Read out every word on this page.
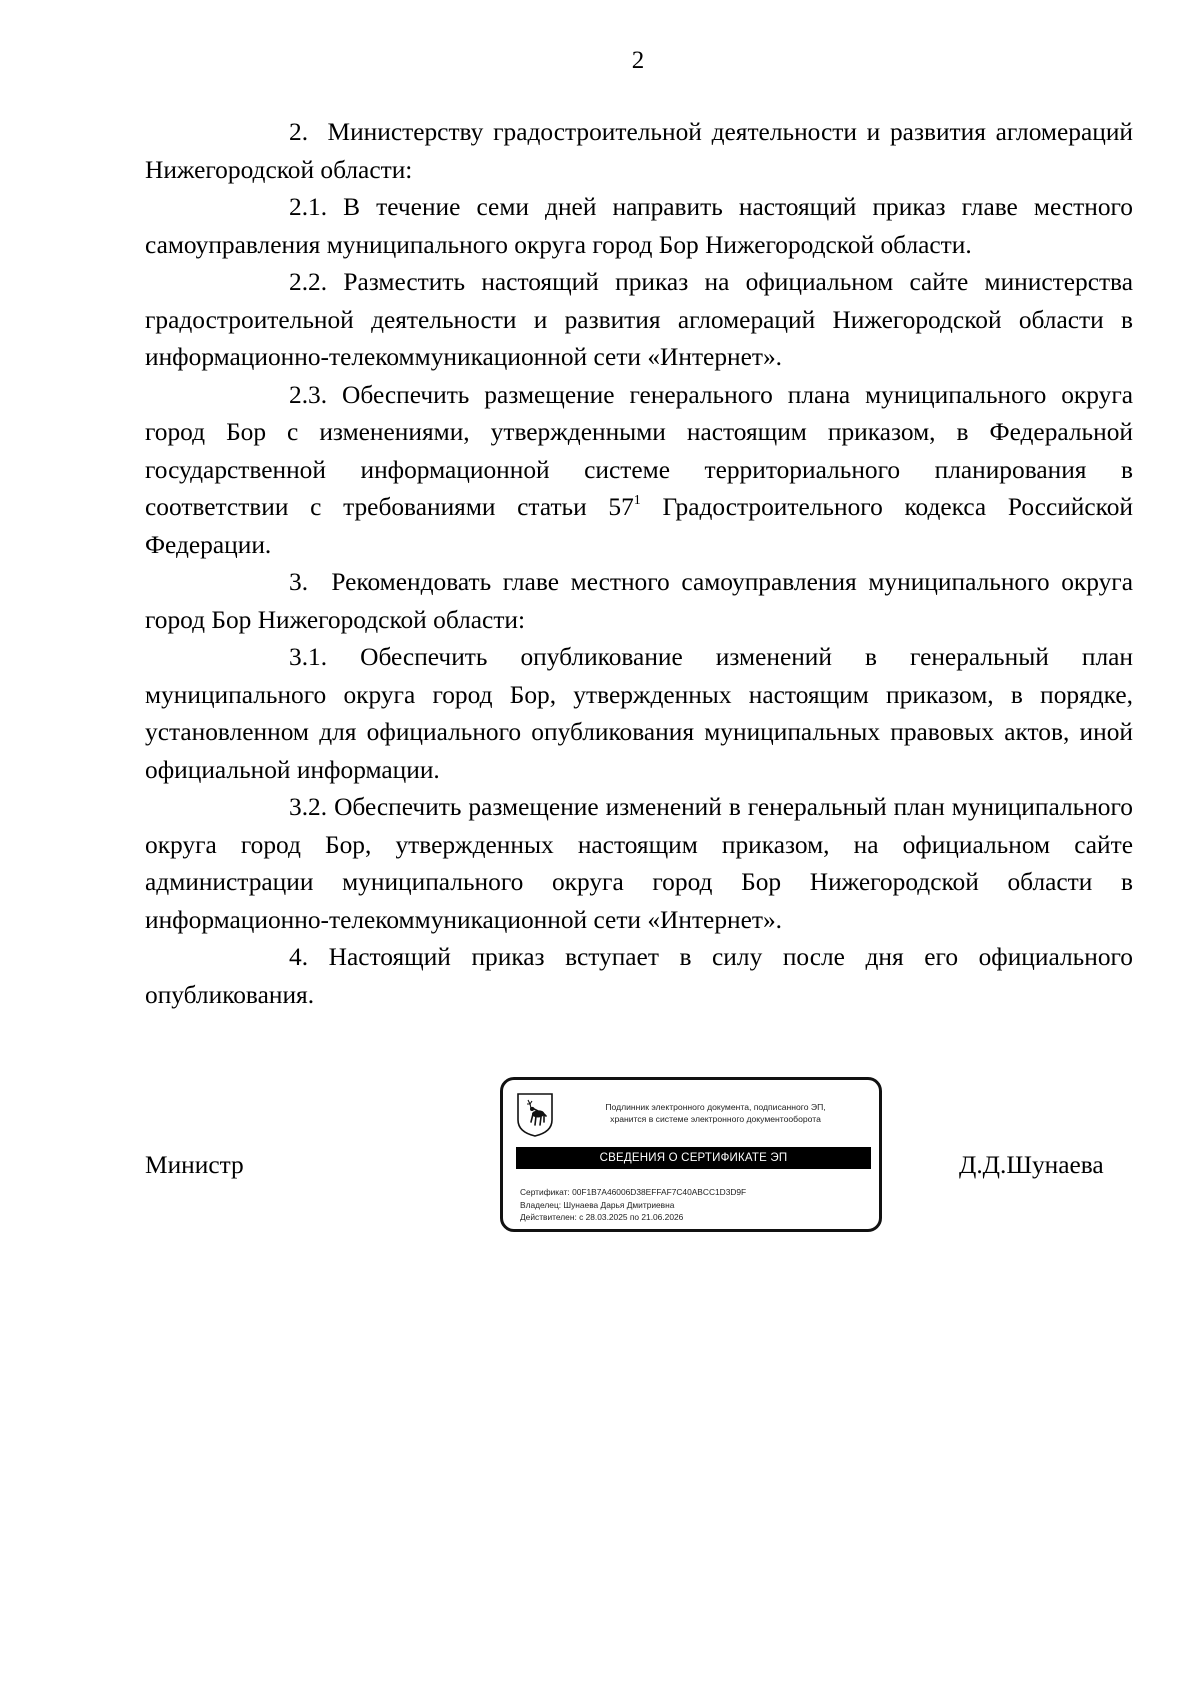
2

2. Министерству градостроительной деятельности и развития агломераций Нижегородской области:

2.1. В течение семи дней направить настоящий приказ главе местного самоуправления муниципального округа город Бор Нижегородской области.

2.2. Разместить настоящий приказ на официальном сайте министерства градостроительной деятельности и развития агломераций Нижегородской области в информационно-телекоммуникационной сети «Интернет».

2.3. Обеспечить размещение генерального плана муниципального округа город Бор с изменениями, утвержденными настоящим приказом, в Федеральной государственной информационной системе территориального планирования в соответствии с требованиями статьи $57^1$ Градостроительного кодекса Российской Федерации.

3. Рекомендовать главе местного самоуправления муниципального округа город Бор Нижегородской области:

3.1. Обеспечить опубликование изменений в генеральный план муниципального округа город Бор, утвержденных настоящим приказом, в порядке, установленном для официального опубликования муниципальных правовых актов, иной официальной информации.

3.2. Обеспечить размещение изменений в генеральный план муниципального округа город Бор, утвержденных настоящим приказом, на официальном сайте администрации муниципального округа город Бор Нижегородской области в информационно-телекоммуникационной сети «Интернет».

4. Настоящий приказ вступает в силу после дня его официального опубликования.

Министр
Подлинник электронного документа, подписанного ЭП,
хранится в системе электронного документооборота
СВЕДЕНИЯ О СЕРТИФИКАТЕ ЭП
Сертификат: 00F1B7A46006D38EFFAF7C40ABCC1D3D9F
Владелец: Шунаева Дарья Дмитриевна
Действителен: с 28.03.2025 по 21.06.2026
Д.Д.Шунаева
